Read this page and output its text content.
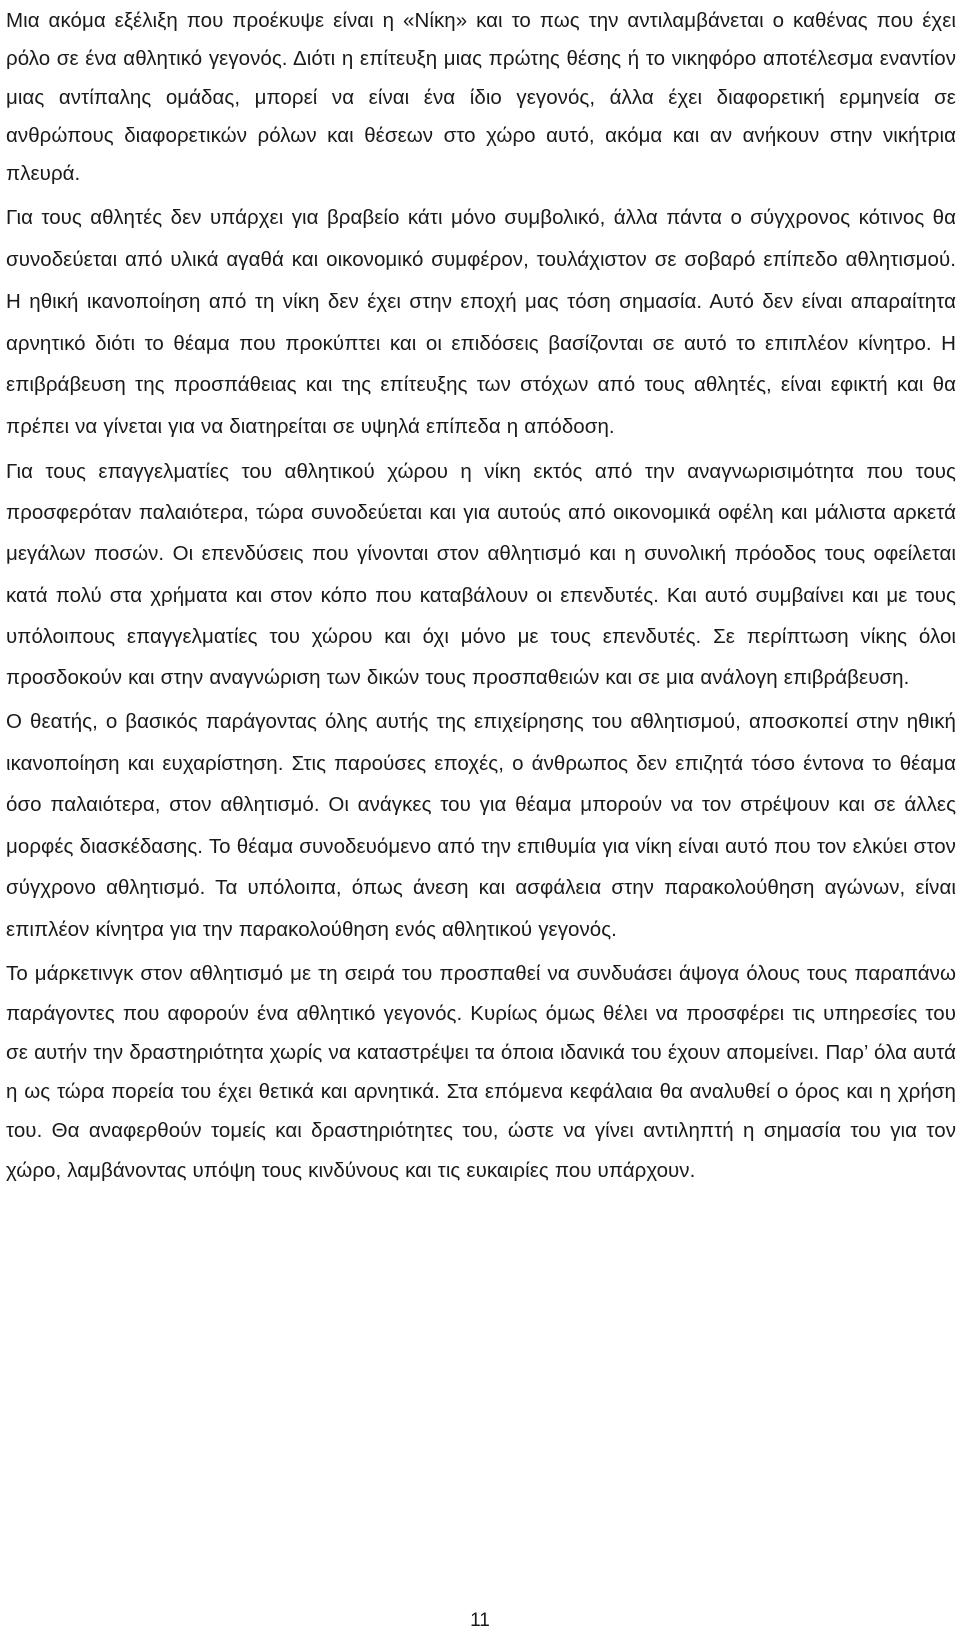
Μια ακόμα εξέλιξη που προέκυψε είναι η «Νίκη» και το πως την αντιλαμβάνεται ο καθένας που έχει ρόλο σε ένα αθλητικό γεγονός. Διότι η επίτευξη μιας πρώτης θέσης ή το νικηφόρο αποτέλεσμα εναντίον μιας αντίπαλης ομάδας, μπορεί να είναι ένα ίδιο γεγονός, άλλα έχει διαφορετική ερμηνεία σε ανθρώπους διαφορετικών ρόλων και θέσεων στο χώρο αυτό, ακόμα και αν ανήκουν στην νικήτρια πλευρά.

Για τους αθλητές δεν υπάρχει για βραβείο κάτι μόνο συμβολικό, άλλα πάντα ο σύγχρονος κότινος θα συνοδεύεται από υλικά αγαθά και οικονομικό συμφέρον, τουλάχιστον σε σοβαρό επίπεδο αθλητισμού. Η ηθική ικανοποίηση από τη νίκη δεν έχει στην εποχή μας τόση σημασία. Αυτό δεν είναι απαραίτητα αρνητικό διότι το θέαμα που προκύπτει και οι επιδόσεις βασίζονται σε αυτό το επιπλέον κίνητρο. Η επιβράβευση της προσπάθειας και της επίτευξης των στόχων από τους αθλητές, είναι εφικτή και θα πρέπει να γίνεται για να διατηρείται σε υψηλά επίπεδα η απόδοση.

Για τους επαγγελματίες του αθλητικού χώρου η νίκη εκτός από την αναγνωρισιμότητα που τους προσφερόταν παλαιότερα, τώρα συνοδεύεται και για αυτούς από οικονομικά οφέλη και μάλιστα αρκετά μεγάλων ποσών. Οι επενδύσεις που γίνονται στον αθλητισμό και η συνολική πρόοδος τους οφείλεται κατά πολύ στα χρήματα και στον κόπο που καταβάλουν οι επενδυτές. Και αυτό συμβαίνει και με τους υπόλοιπους επαγγελματίες του χώρου και όχι μόνο με τους επενδυτές. Σε περίπτωση νίκης όλοι προσδοκούν και στην αναγνώριση των δικών τους προσπαθειών και σε μια ανάλογη επιβράβευση.

Ο θεατής, ο βασικός παράγοντας όλης αυτής της επιχείρησης του αθλητισμού, αποσκοπεί στην ηθική ικανοποίηση και ευχαρίστηση. Στις παρούσες εποχές, ο άνθρωπος δεν επιζητά τόσο έντονα το θέαμα όσο παλαιότερα, στον αθλητισμό. Οι ανάγκες του για θέαμα μπορούν να τον στρέψουν και σε άλλες μορφές διασκέδασης. Το θέαμα συνοδευόμενο από την επιθυμία για νίκη είναι αυτό που τον ελκύει στον σύγχρονο αθλητισμό. Τα υπόλοιπα, όπως άνεση και ασφάλεια στην παρακολούθηση αγώνων, είναι επιπλέον κίνητρα για την παρακολούθηση ενός αθλητικού γεγονός.

Το μάρκετινγκ στον αθλητισμό με τη σειρά του προσπαθεί να συνδυάσει άψογα όλους τους παραπάνω παράγοντες που αφορούν ένα αθλητικό γεγονός. Κυρίως όμως θέλει να προσφέρει τις υπηρεσίες του σε αυτήν την δραστηριότητα χωρίς να καταστρέψει τα όποια ιδανικά του έχουν απομείνει. Παρ’ όλα αυτά η ως τώρα πορεία του έχει θετικά και αρνητικά. Στα επόμενα κεφάλαια θα αναλυθεί ο όρος και η χρήση του. Θα αναφερθούν τομείς και δραστηριότητες του, ώστε να γίνει αντιληπτή η σημασία του για τον χώρο, λαμβάνοντας υπόψη τους κινδύνους και τις ευκαιρίες που υπάρχουν.

11
